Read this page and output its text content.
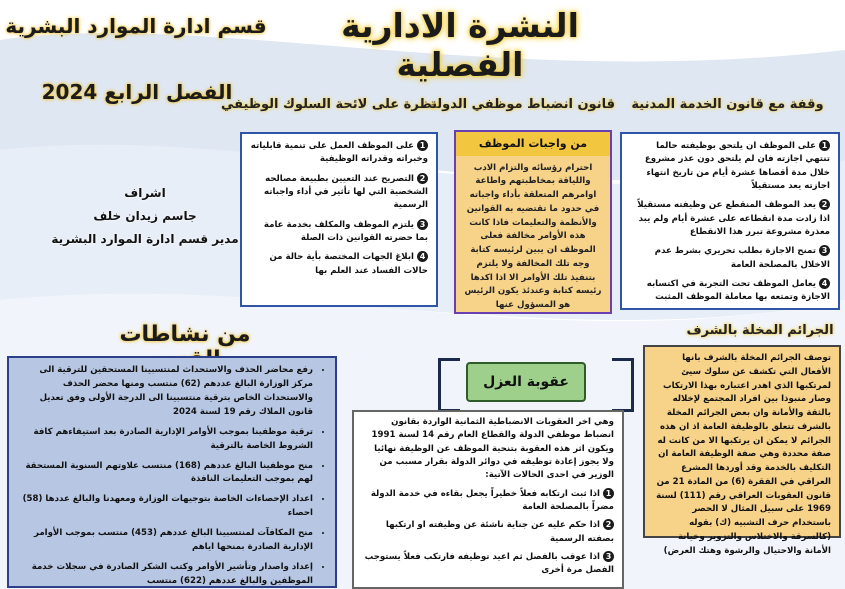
النشرة الادارية الفصلية
قسم ادارة الموارد البشرية
الفصل الرابع 2024
اشراف
جاسم زيدان خلف
مدير قسم ادارة الموارد البشرية
وقفة مع قانون الخدمة المدنية
قانون انضباط موظفي الدولة
نظرة على لائحة السلوك الوظيفي

1على الموظف ان يلتحق بوظيفته حالما تنتهي اجازته فان لم يلتحق دون عذر مشروع خلال مدة أقصاها عشرة أيام من تاريخ انتهاء اجازته يعد مستقيلاً

2يعد الموظف المنقطع عن وظيفته مستقيلاً اذا زادت مدة انقطاعه على عشرة أيام ولم يبد معذرة مشروعة تبرر هذا الانقطاع

3تمنح الاجازة بطلب تحريري بشرط عدم الاخلال بالمصلحة العامة

4يعامل الموظف تحت التجربة في اكتسابه الاجازة وتمتعه بها معاملة الموظف المثبت

من واجبات الموظف
احترام رؤسائه والتزام الادب واللياقة بمخاطبتهم واطاعة اوامرهم المتعلقة بأداء واجباته في حدود ما تقتضيه به القوانين والأنظمة والتعليمات فاذا كانت هذه الأوامر مخالفة فعلى الموظف ان يبين لرئيسه كتابة وجه تلك المخالفة ولا يلتزم بتنفيذ تلك الأوامر الا اذا اكدها رئيسه كتابة وعندئذ يكون الرئيس هو المسؤول عنها

1على الموظف العمل على تنمية قابلياته وخبراته وقدراته الوظيفية

2التصريح عند التعيين بطبيعة مصالحه الشخصية التي لها تأثير في أداء واجباته الرسمية

3يلتزم الموظف والمكلف بخدمة عامة بما حضرته القوانين ذات الصلة

4ابلاغ الجهات المختصة بأية حالة من حالات الفساد عند العلم بها

من نشاطات
• رفع محاضر الحذف والاستحداث لمنتسبينا المستحقين للترقية الى مركز الوزارة البالغ عددهم (62) منتسب ومنها محضر الحذف والاستحداث الخاص بترقية منتسبينا الى الدرجة الأولى وفق تعديل قانون الملاك رقم 19 لسنة 2024
• ترقية موظفينا بموجب الأوامر الإدارية الصادرة بعد استيفاءهم كافة الشروط الخاصة بالترقية
• منح موظفينا البالغ عددهم (168) منتسب علاوتهم السنوية المستحقة لهم بموجب التعليمات النافذة
• اعداد الإحصاءات الخاصة بتوجيهات الوزارة ومعهدنا والبالغ عددها (58) احصاء
• منح المكافآت لمنتسبينا البالغ عددهم (453) منتسب بموجب الأوامر الإدارية الصادرة بمنحها اياهم
• إعداد واصدار وتأشير الأوامر وكتب الشكر الصادرة في سجلات خدمة الموظفين والبالغ عددهم (622) منتسب
عقوبة العزل

وهي اخر العقوبات الانضباطية الثمانية الواردة بقانون انضباط موظفي الدولة والقطاع العام رقم 14 لسنة 1991 ويكون اثر هذه العقوبة بتنحية الموظف عن الوظيفة نهائيا ولا يجوز إعادة توظيفه في دوائر الدولة بقرار مسبب من الوزير في احدى الحالات الآتية:

1اذا ثبت ارتكابه فعلاً خطيراً يجعل بقاءه في خدمة الدولة مضراً بالمصلحة العامة

2اذا حكم عليه عن جناية ناشئة عن وظيفته او ارتكبها بصفته الرسمية

3اذا عوقب بالفصل ثم اعيد توظيفه فارتكب فعلاً يستوجب الفصل مرة أخرى

الجرائم المخلة بالشرف
توصف الجرائم المخلة بالشرف بانها الأفعال التي تكشف عن سلوك سيئ لمرتكبها الذي اهدر اعتباره بهذا الارتكاب وصار منبوذا بين افراد المجتمع لإخلاله بالثقة والأمانة وان بعض الجرائم المخلة بالشرف تتعلق بالوظيفة العامة اذ ان هذه الجرائم لا يمكن ان يرتكبها الا من كانت له صفة محددة وهي صفة الوظيفة العامة ان التكليف بالخدمة وقد أوردها المشرع العراقي في الفقرة (6) من المادة 21 من قانون العقوبات العراقي رقم (111) لسنة 1969 على سبيل المثال لا الحصر باستخدام حرف التشبيه (ك) بقوله (كالسرقة والاختلاس والتزوير وخيانة الأمانة والاحتيال والرشوة وهتك العرض)
